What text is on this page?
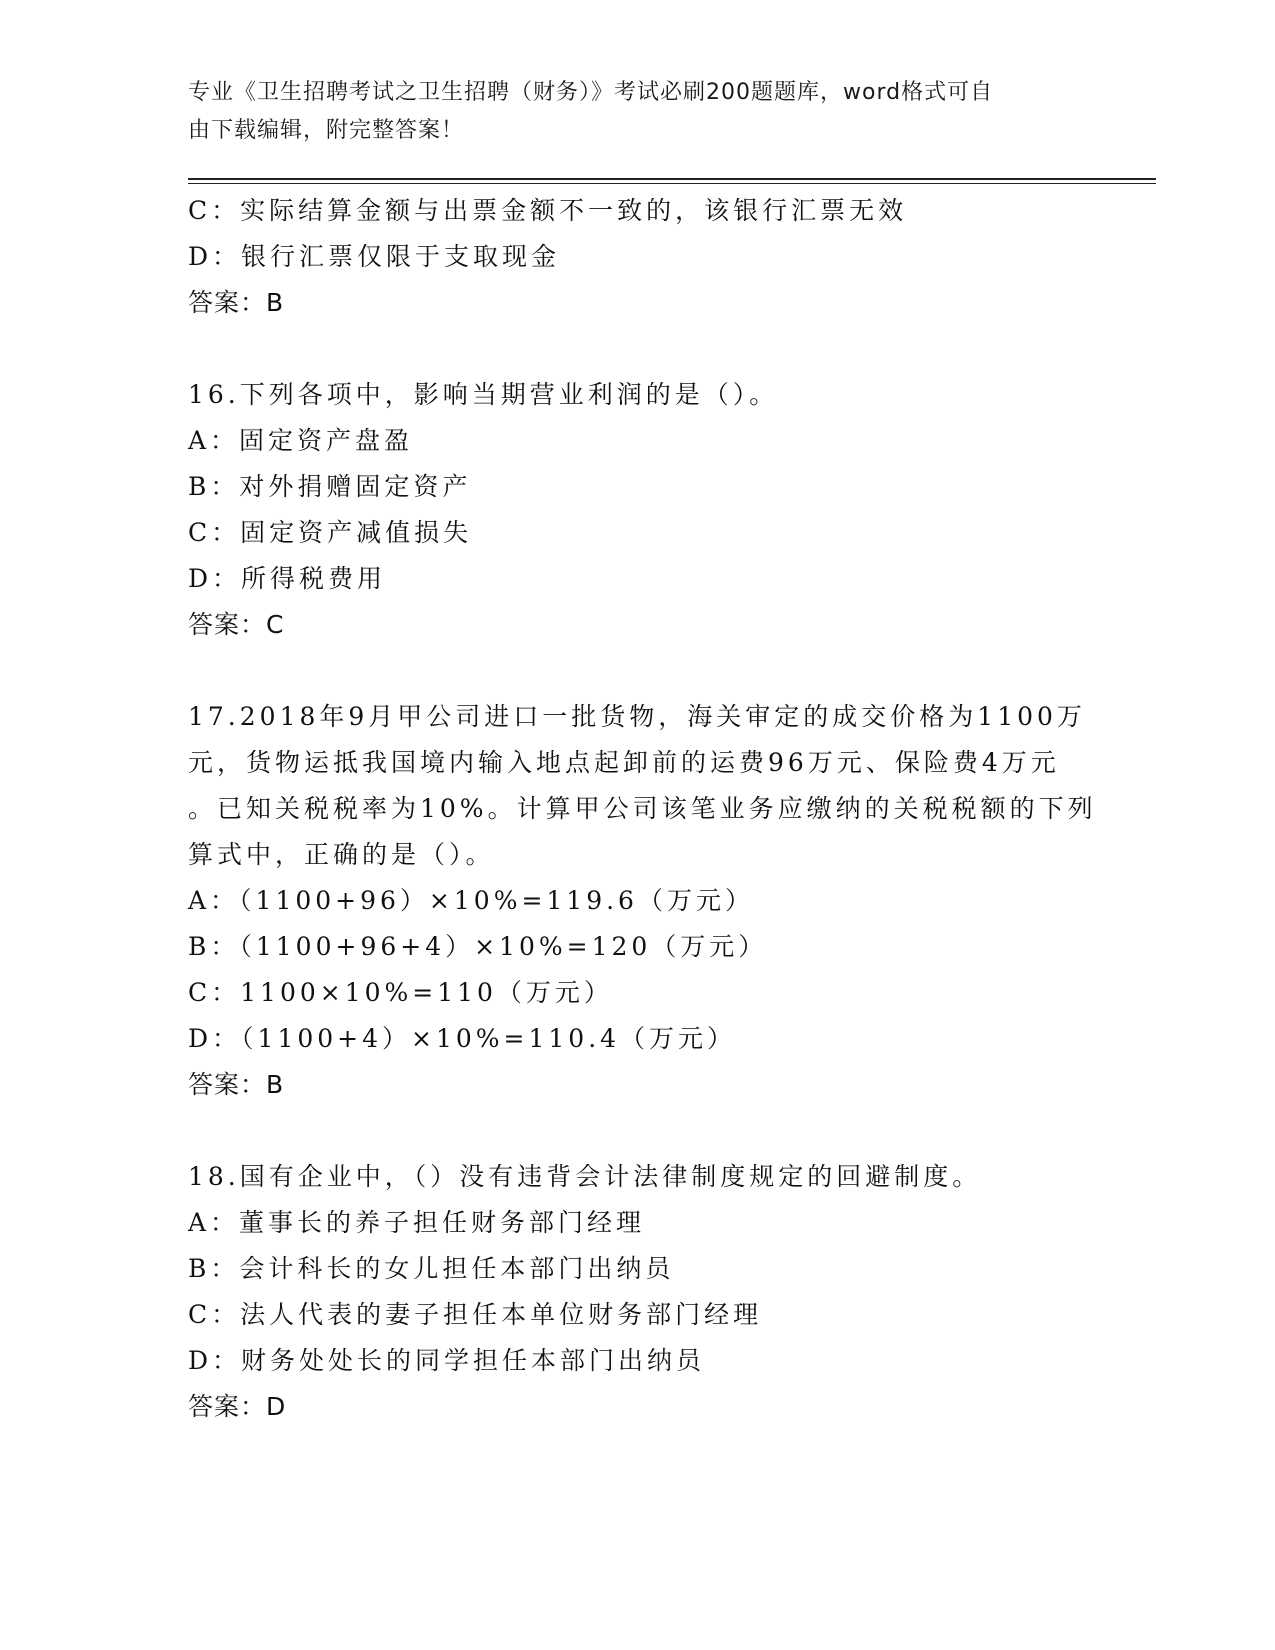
专业《卫生招聘考试之卫生招聘（财务）》考试必刷200题题库，word格式可自
由下载编辑，附完整答案！
C：实际结算金额与出票金额不一致的，该银行汇票无效
D：银行汇票仅限于支取现金
答案：B
16.下列各项中，影响当期营业利润的是（）。
A：固定资产盘盈
B：对外捐赠固定资产
C：固定资产减值损失
D：所得税费用
答案：C
17.2018年9月甲公司进口一批货物，海关审定的成交价格为1100万
元，货物运抵我国境内输入地点起卸前的运费96万元、保险费4万元
。已知关税税率为10%。计算甲公司该笔业务应缴纳的关税税额的下列
算式中，正确的是（）。
A：（1100+96）×10%=119.6（万元）
B：（1100+96+4）×10%=120（万元）
C：1100×10%=110（万元）
D：（1100+4）×10%=110.4（万元）
答案：B
18.国有企业中，（）没有违背会计法律制度规定的回避制度。
A：董事长的养子担任财务部门经理
B：会计科长的女儿担任本部门出纳员
C：法人代表的妻子担任本单位财务部门经理
D：财务处处长的同学担任本部门出纳员
答案：D
